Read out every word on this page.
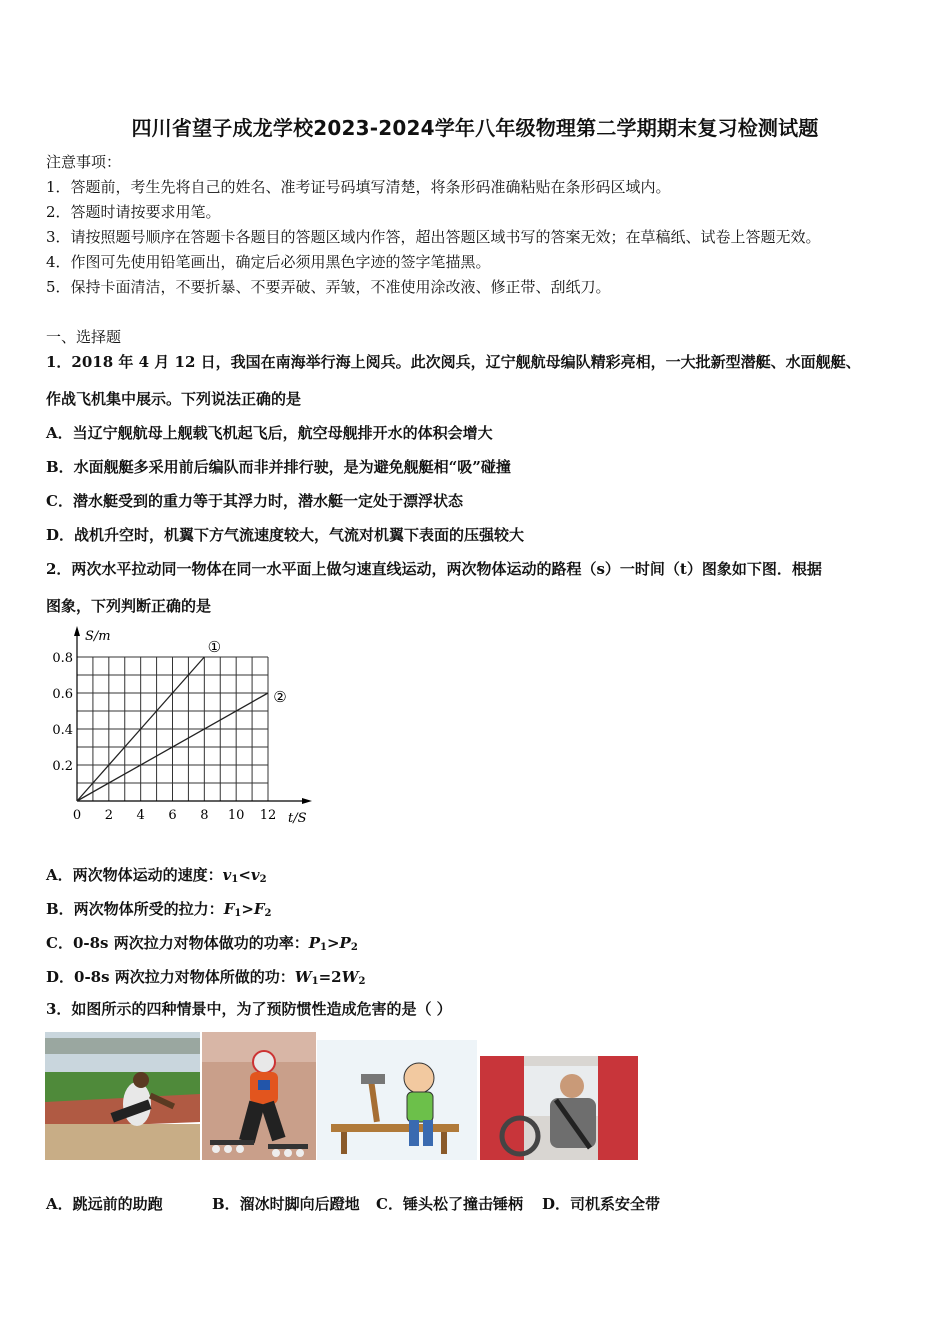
四川省望子成龙学校2023-2024学年八年级物理第二学期期末复习检测试题
注意事项：
1．答题前，考生先将自己的姓名、准考证号码填写清楚，将条形码准确粘贴在条形码区域内。
2．答题时请按要求用笔。
3．请按照题号顺序在答题卡各题目的答题区域内作答，超出答题区域书写的答案无效；在草稿纸、试卷上答题无效。
4．作图可先使用铅笔画出，确定后必须用黑色字迹的签字笔描黑。
5．保持卡面清洁，不要折暴、不要弄破、弄皱，不准使用涂改液、修正带、刮纸刀。
一、选择题
1．2018 年 4 月 12 日，我国在南海举行海上阅兵。此次阅兵，辽宁舰航母编队精彩亮相，一大批新型潜艇、水面舰艇、
作战飞机集中展示。下列说法正确的是
A．当辽宁舰航母上舰载飞机起飞后，航空母舰排开水的体积会增大
B．水面舰艇多采用前后编队而非并排行驶，是为避免舰艇相“吸”碰撞
C．潜水艇受到的重力等于其浮力时，潜水艇一定处于漂浮状态
D．战机升空时，机翼下方气流速度较大，气流对机翼下表面的压强较大
2．两次水平拉动同一物体在同一水平面上做匀速直线运动，两次物体运动的路程（s）一时间（t）图象如下图．根据
图象，下列判断正确的是
S/m
t/S
0 2 4 6 8 10 12
0.2
0.4
0.6
0.8
①
②
A．两次物体运动的速度：$v_1<v_2$
B．两次物体所受的拉力：$F_1>F_2$
C．0-8s 两次拉力对物体做功的功率：$P_1>P_2$
D．0-8s 两次拉力对物体所做的功：$W_1=2W_2$
3．如图所示的四种情景中，为了预防惯性造成危害的是（ ）
A．跳远前的助跑	B．溜冰时脚向后蹬地 C．锤头松了撞击锤柄 D．司机系安全带
